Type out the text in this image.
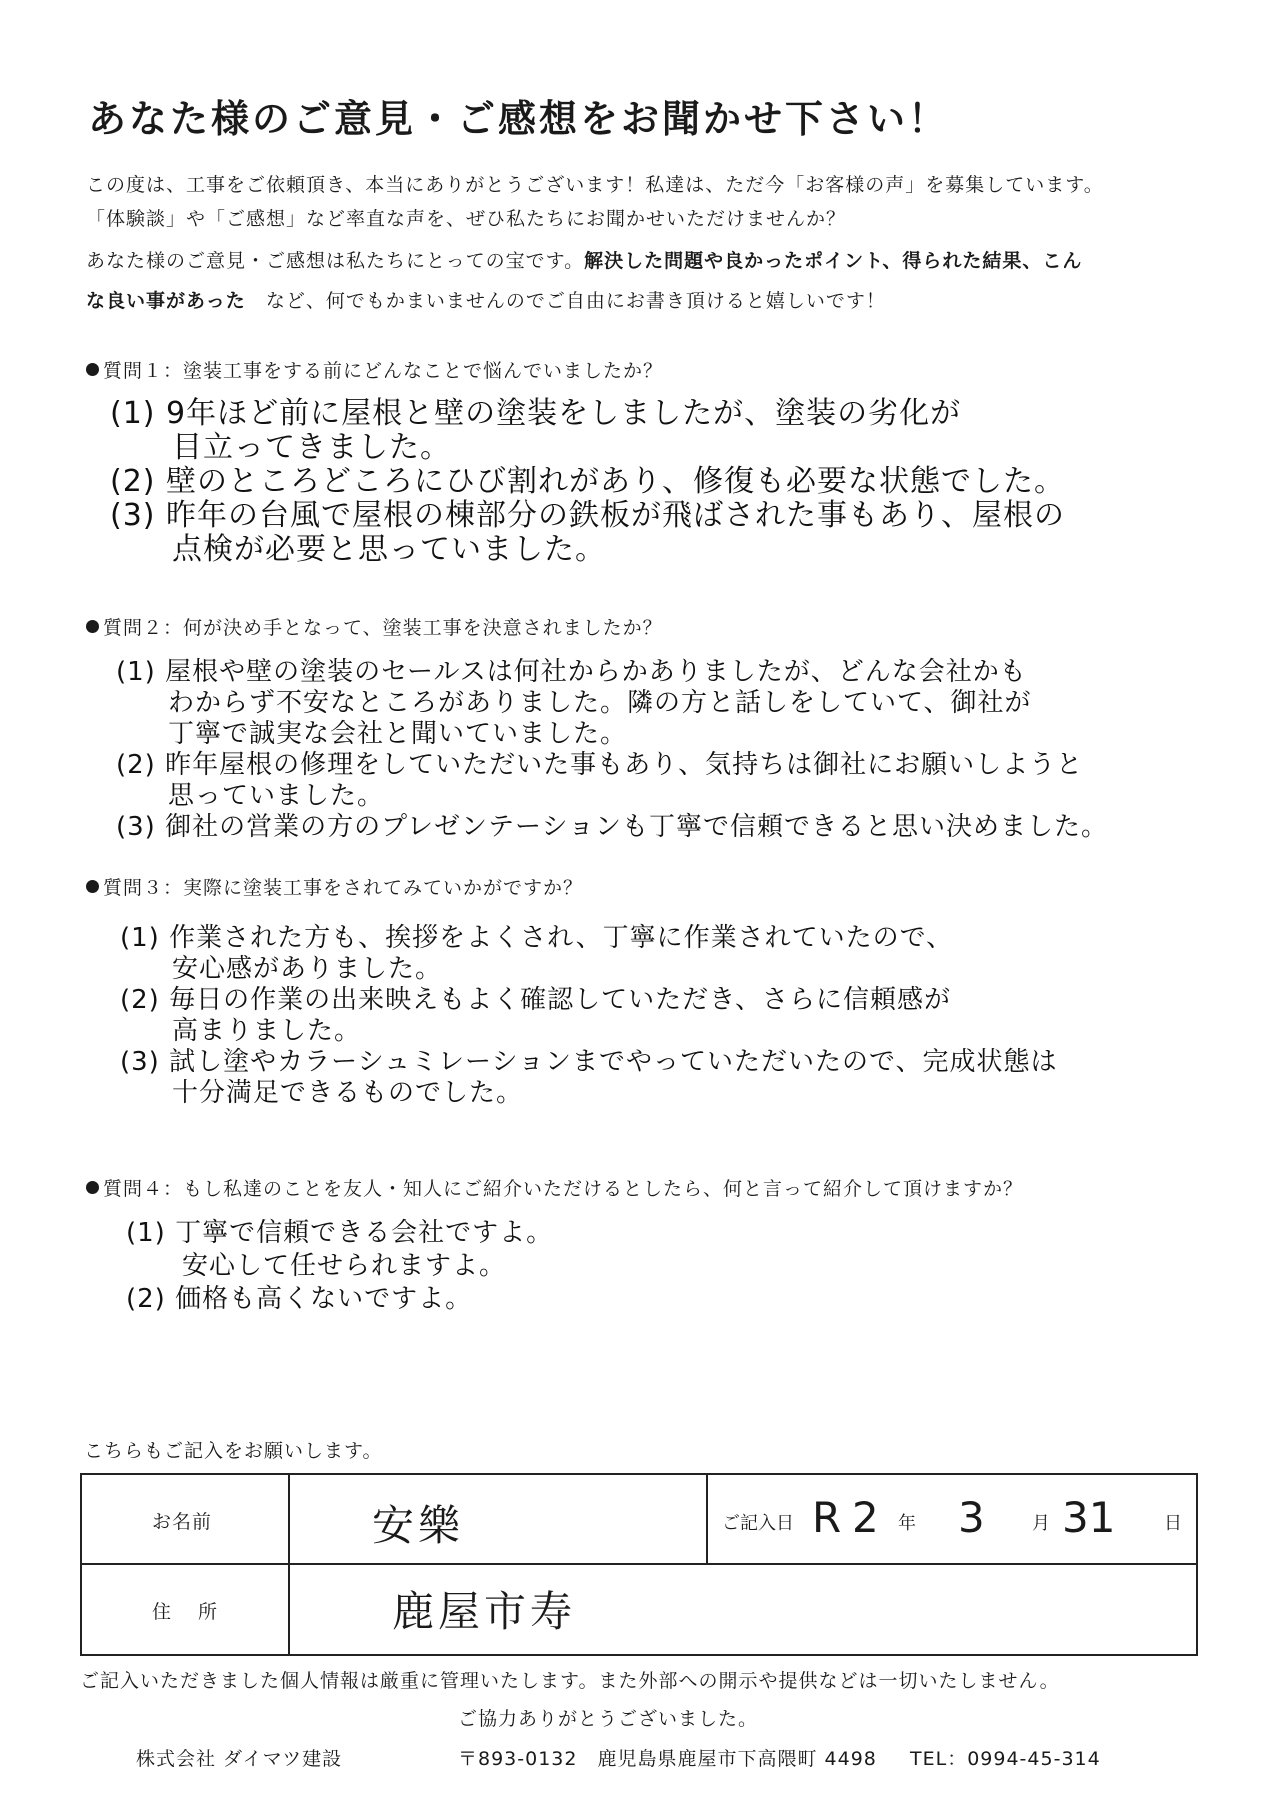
あなた様のご意見・ご感想をお聞かせ下さい！
この度は、工事をご依頼頂き、本当にありがとうございます！私達は、ただ今「お客様の声」を募集しています。
「体験談」や「ご感想」など率直な声を、ぜひ私たちにお聞かせいただけませんか？
あなた様のご意見・ご感想は私たちにとっての宝です。解決した問題や良かったポイント、得られた結果、こん
な良い事があった　など、何でもかまいませんのでご自由にお書き頂けると嬉しいです！
質問１：塗装工事をする前にどんなことで悩んでいましたか？
(1) 9年ほど前に屋根と壁の塗装をしましたが、塗装の劣化が
目立ってきました。
(2) 壁のところどころにひび割れがあり、修復も必要な状態でした。
(3) 昨年の台風で屋根の棟部分の鉄板が飛ばされた事もあり、屋根の
点検が必要と思っていました。
質問２：何が決め手となって、塗装工事を決意されましたか？
(1) 屋根や壁の塗装のセールスは何社からかありましたが、どんな会社かも
わからず不安なところがありました。隣の方と話しをしていて、御社が
丁寧で誠実な会社と聞いていました。
(2) 昨年屋根の修理をしていただいた事もあり、気持ちは御社にお願いしようと
思っていました。
(3) 御社の営業の方のプレゼンテーションも丁寧で信頼できると思い決めました。
質問３：実際に塗装工事をされてみていかがですか？
(1) 作業された方も、挨拶をよくされ、丁寧に作業されていたので、
安心感がありました。
(2) 毎日の作業の出来映えもよく確認していただき、さらに信頼感が
高まりました。
(3) 試し塗やカラーシュミレーションまでやっていただいたので、完成状態は
十分満足できるものでした。
質問４：もし私達のことを友人・知人にご紹介いただけるとしたら、何と言って紹介して頂けますか？
(1) 丁寧で信頼できる会社ですよ。
安心して任せられますよ。
(2) 価格も高くないですよ。
こちらもご記入をお願いします。
お名前	安樂	ご記入日 R 2 年 3	月 31	日
住　所	鹿屋市寿
ご記入いただきました個人情報は厳重に管理いたします。また外部への開示や提供などは一切いたしません。
ご協力ありがとうございました。
株式会社 ダイマツ建設	〒893-0132　鹿児島県鹿屋市下高隈町 4498 TEL：0994-45-314
